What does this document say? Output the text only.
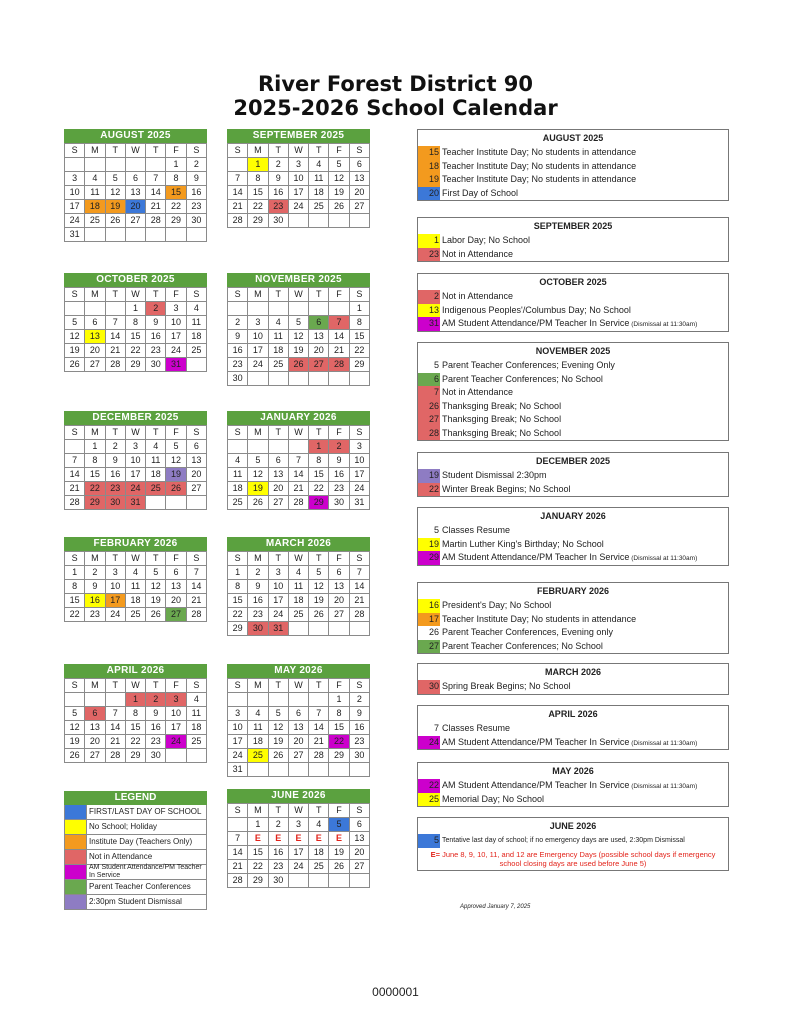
River Forest District 90
2025-2026 School Calendar
AUGUST 2025
S	M	T	W	T	F	S
					1	2
3	4	5	6	7	8	9
10	11	12	13	14	15	16
17	18	19	20	21	22	23
24	25	26	27	28	29	30
31						
SEPTEMBER 2025
S	M	T	W	T	F	S
	1	2	3	4	5	6
7	8	9	10	11	12	13
14	15	16	17	18	19	20
21	22	23	24	25	26	27
28	29	30				
OCTOBER 2025
S	M	T	W	T	F	S
			1	2	3	4
5	6	7	8	9	10	11
12	13	14	15	16	17	18
19	20	21	22	23	24	25
26	27	28	29	30	31	
NOVEMBER 2025
S	M	T	W	T	F	S
						1
2	3	4	5	6	7	8
9	10	11	12	13	14	15
16	17	18	19	20	21	22
23	24	25	26	27	28	29
30						
DECEMBER 2025
S	M	T	W	T	F	S
	1	2	3	4	5	6
7	8	9	10	11	12	13
14	15	16	17	18	19	20
21	22	23	24	25	26	27
28	29	30	31			
JANUARY 2026
S	M	T	W	T	F	S
				1	2	3
4	5	6	7	8	9	10
11	12	13	14	15	16	17
18	19	20	21	22	23	24
25	26	27	28	29	30	31
FEBRUARY 2026
S	M	T	W	T	F	S
1	2	3	4	5	6	7
8	9	10	11	12	13	14
15	16	17	18	19	20	21
22	23	24	25	26	27	28
MARCH 2026
S	M	T	W	T	F	S
1	2	3	4	5	6	7
8	9	10	11	12	13	14
15	16	17	18	19	20	21
22	23	24	25	26	27	28
29	30	31				
APRIL 2026
S	M	T	W	T	F	S
			1	2	3	4
5	6	7	8	9	10	11
12	13	14	15	16	17	18
19	20	21	22	23	24	25
26	27	28	29	30		
MAY 2026
S	M	T	W	T	F	S
					1	2
3	4	5	6	7	8	9
10	11	12	13	14	15	16
17	18	19	20	21	22	23
24	25	26	27	28	29	30
31						
JUNE 2026
S	M	T	W	T	F	S
	1	2	3	4	5	6
7	E	E	E	E	E	13
14	15	16	17	18	19	20
21	22	23	24	25	26	27
28	29	30				
AUGUST 2025
15 Teacher Institute Day; No students in attendance
18 Teacher Institute Day; No students in attendance
19 Teacher Institute Day; No students in attendance
20 First Day of School
SEPTEMBER 2025
1 Labor Day; No School
23 Not in Attendance
OCTOBER 2025
2 Not in Attendance
13 Indigenous Peoples'/Columbus Day; No School
31 AM Student Attendance/PM Teacher In Service (Dismissal at 11:30am)
NOVEMBER 2025
5 Parent Teacher Conferences; Evening Only
6 Parent Teacher Conferences; No School
7 Not in Attendance
26 Thanksging Break; No School
27 Thanksging Break; No School
28 Thanksging Break; No School
DECEMBER 2025
19 Student Dismissal 2:30pm
22 Winter Break Begins; No School
JANUARY 2026
5 Classes Resume
19 Martin Luther King's Birthday; No School
29 AM Student Attendance/PM Teacher In Service (Dismissal at 11:30am)
FEBRUARY 2026
16 President's Day; No School
17 Teacher Institute Day; No students in attendance
26 Parent Teacher Conferences, Evening only
27 Parent Teacher Conferences; No School
MARCH 2026
30 Spring Break Begins; No School
APRIL 2026
7 Classes Resume
24 AM Student Attendance/PM Teacher In Service (Dismissal at 11:30am)
MAY 2026
22 AM Student Attendance/PM Teacher In Service (Dismissal at 11:30am)
25 Memorial Day; No School
JUNE 2026
5 Tentative last day of school; if no emergency days are used, 2:30pm Dismissal
E= June 8, 9, 10, 11, and 12 are Emergency Days (possible school days if emergency school closing days are used before June 5)
LEGEND
FIRST/LAST DAY OF SCHOOL
No School; Holiday
Institute Day (Teachers Only)
Not in Attendance
AM Student Attendance/PM Teacher In Service
Parent Teacher Conferences
2:30pm Student Dismissal
Approved January 7, 2025
0000001
